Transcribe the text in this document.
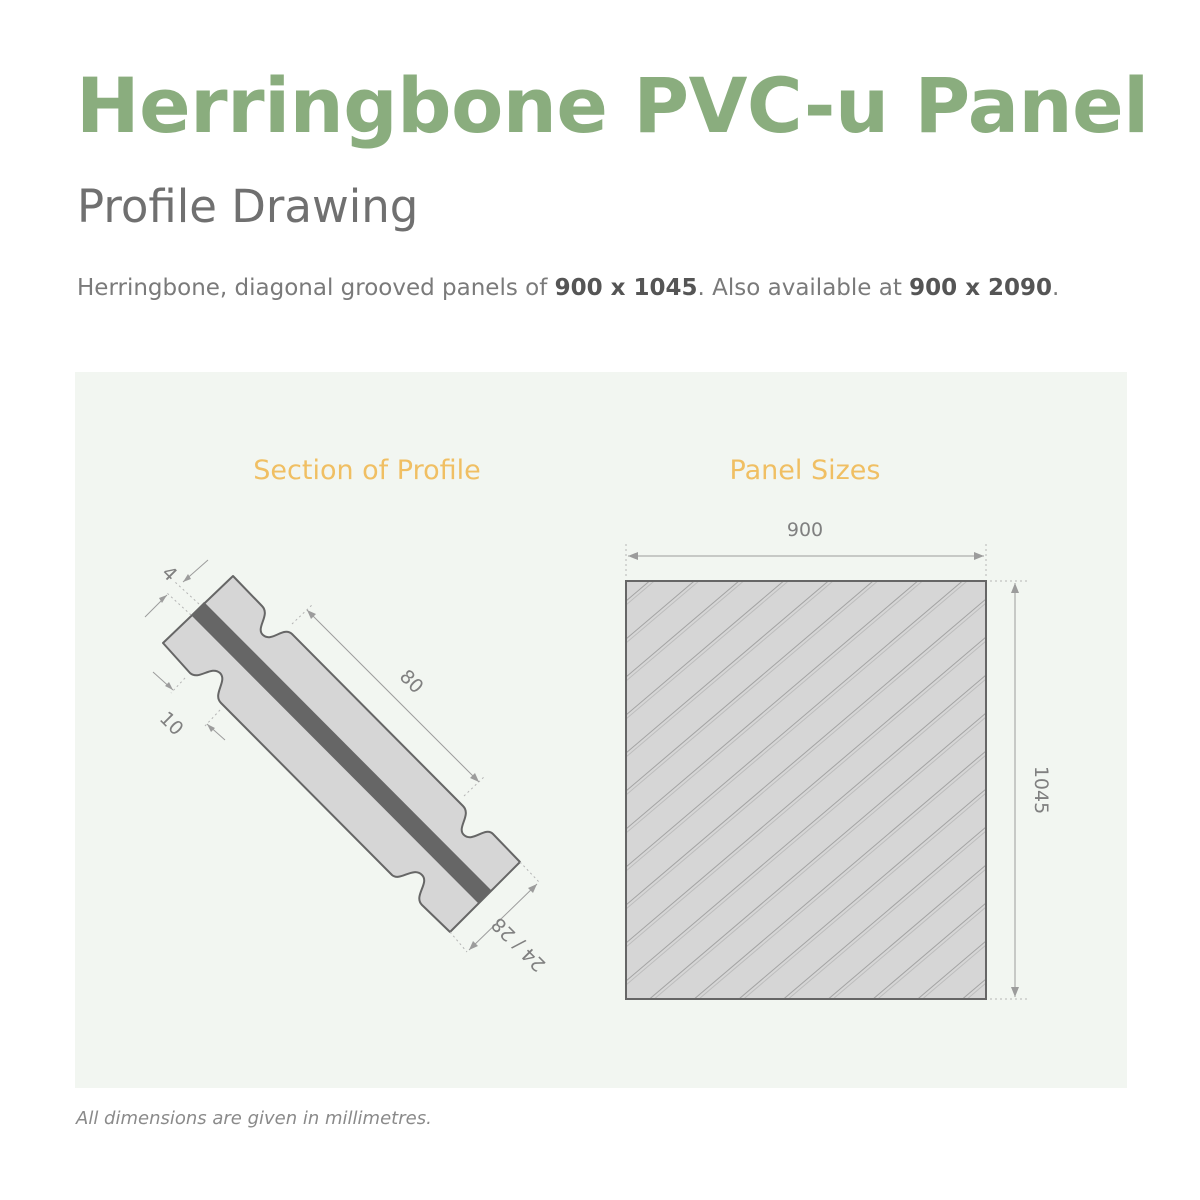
Herringbone PVC-u Panel
Profile Drawing

Herringbone, diagonal grooved panels of 900 x 1045. Also available at 900 x 2090.

Section of Profile
4
10
80
24 / 28
Panel Sizes
900
1045

All dimensions are given in millimetres.
